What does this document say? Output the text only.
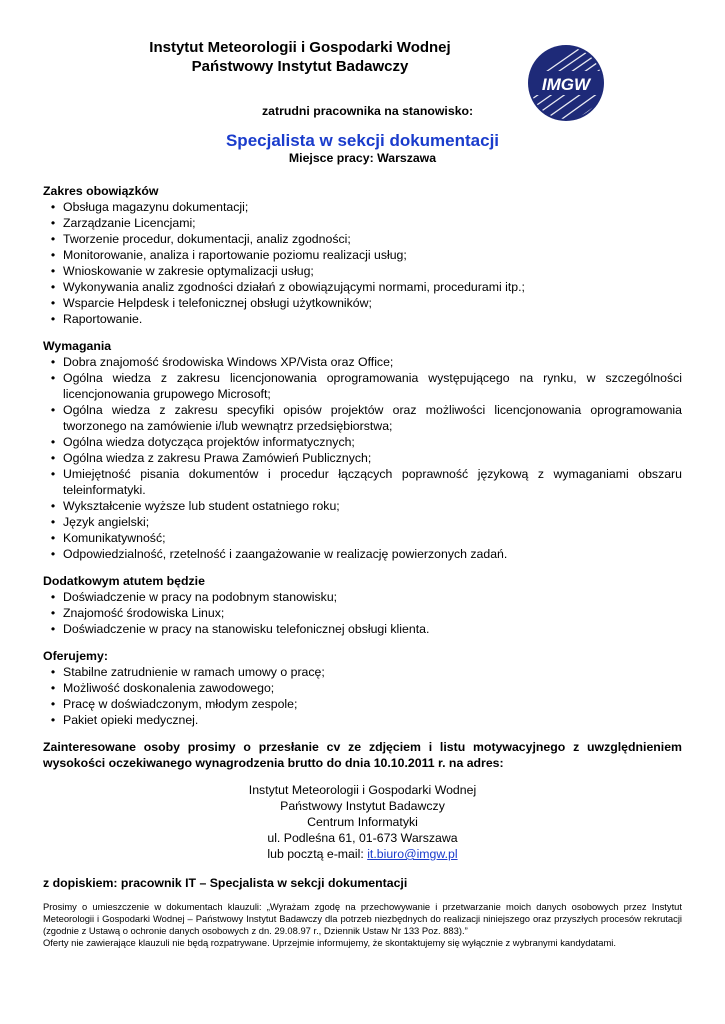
Instytut Meteorologii i Gospodarki Wodnej
Państwowy Instytut Badawczy
IMGW
zatrudni pracownika na stanowisko:
Specjalista w sekcji dokumentacji
Miejsce pracy: Warszawa

Zakres obowiązków

• Obsługa magazynu dokumentacji;
• Zarządzanie Licencjami;
• Tworzenie procedur, dokumentacji, analiz zgodności;
• Monitorowanie, analiza i raportowanie poziomu realizacji usług;
• Wnioskowanie w zakresie optymalizacji usług;
• Wykonywania analiz zgodności działań z obowiązującymi normami, procedurami itp.;
• Wsparcie Helpdesk i telefonicznej obsługi użytkowników;
• Raportowanie.

Wymagania

• Dobra znajomość środowiska Windows XP/Vista oraz Office;
• Ogólna wiedza z zakresu licencjonowania oprogramowania występującego na rynku, w szczególności licencjonowania grupowego Microsoft;
• Ogólna wiedza z zakresu specyfiki opisów projektów oraz możliwości licencjonowania oprogramowania tworzonego na zamówienie i/lub wewnątrz przedsiębiorstwa;
• Ogólna wiedza dotycząca projektów informatycznych;
• Ogólna wiedza z zakresu Prawa Zamówień Publicznych;
• Umiejętność pisania dokumentów i procedur łączących poprawność językową z wymaganiami obszaru teleinformatyki.
• Wykształcenie wyższe lub student ostatniego roku;
• Język angielski;
• Komunikatywność;
• Odpowiedzialność, rzetelność i zaangażowanie w realizację powierzonych zadań.

Dodatkowym atutem będzie

• Doświadczenie w pracy na podobnym stanowisku;
• Znajomość środowiska Linux;
• Doświadczenie w pracy na stanowisku telefonicznej obsługi klienta.

Oferujemy:

• Stabilne zatrudnienie w ramach umowy o pracę;
• Możliwość doskonalenia zawodowego;
• Pracę w doświadczonym, młodym zespole;
• Pakiet opieki medycznej.

Zainteresowane osoby prosimy o przesłanie cv ze zdjęciem i listu motywacyjnego z uwzględnieniem wysokości oczekiwanego wynagrodzenia brutto do dnia 10.10.2011 r. na adres:

Instytut Meteorologii i Gospodarki Wodnej
Państwowy Instytut Badawczy
Centrum Informatyki
ul. Podleśna 61, 01-673 Warszawa
lub pocztą e-mail: it.biuro@imgw.pl

z dopiskiem: pracownik IT – Specjalista w sekcji dokumentacji

Prosimy o umieszczenie w dokumentach klauzuli: „Wyrażam zgodę na przechowywanie i przetwarzanie moich danych osobowych przez Instytut Meteorologii i Gospodarki Wodnej – Państwowy Instytut Badawczy dla potrzeb niezbędnych do realizacji niniejszego oraz przyszłych procesów rekrutacji (zgodnie z Ustawą o ochronie danych osobowych z dn. 29.08.97 r., Dziennik Ustaw Nr 133 Poz. 883).”

Oferty nie zawierające klauzuli nie będą rozpatrywane. Uprzejmie informujemy, że skontaktujemy się wyłącznie z wybranymi kandydatami.
